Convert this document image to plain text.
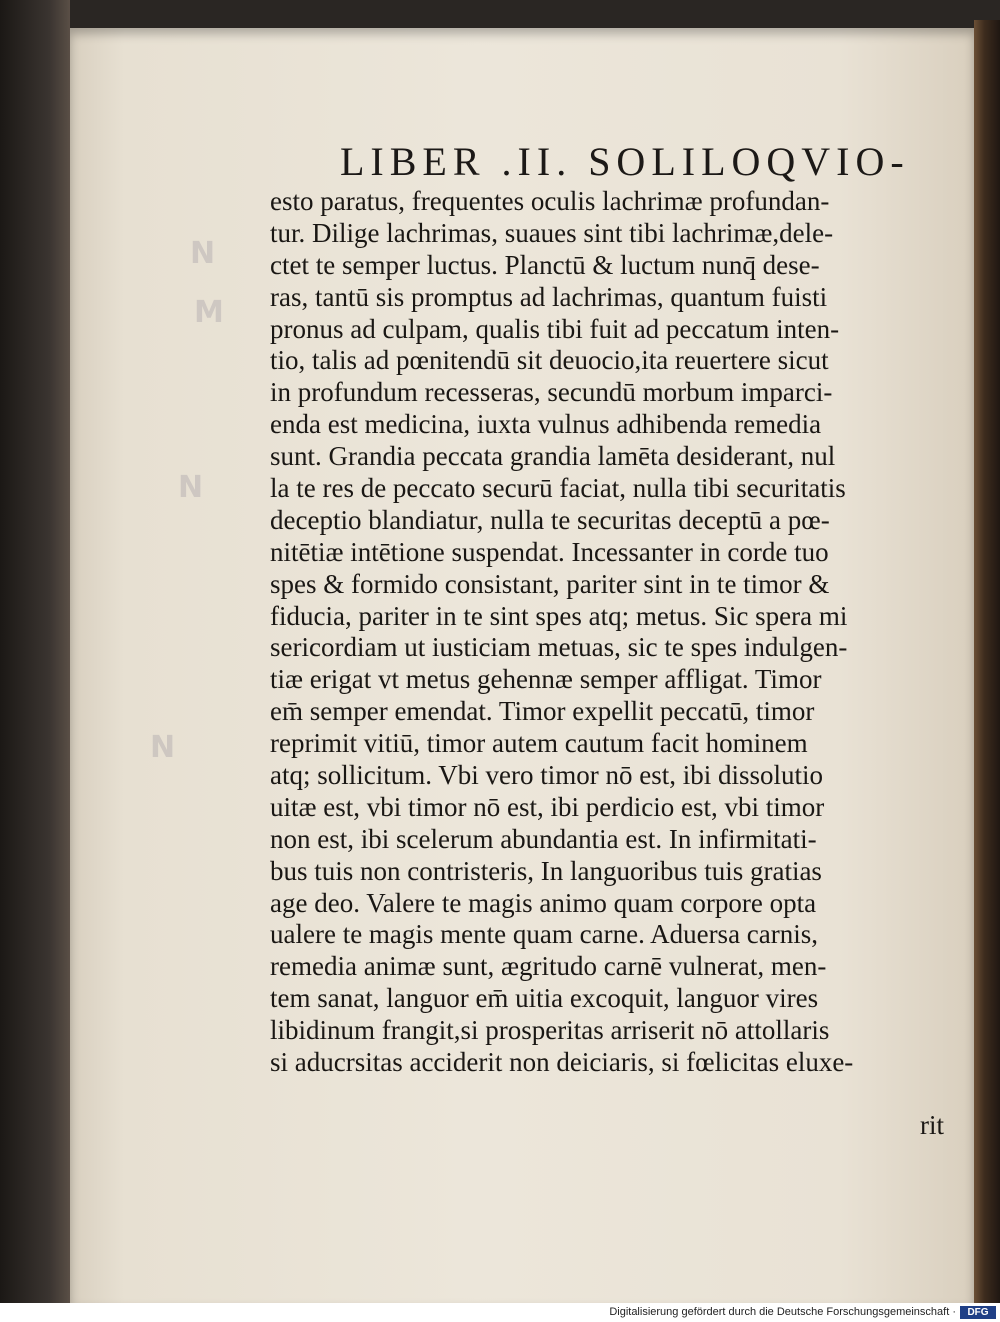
N
M
N
N
LIBER .II. SOLILOQVIO-
esto paratus, frequentes oculis lachrimæ profundan-
tur. Dilige lachrimas, suaues sint tibi lachrimæ,dele-
ctet te semper luctus. Planctū & luctum nunq̄ dese-
ras, tantū sis promptus ad lachrimas, quantum fuisti
pronus ad culpam, qualis tibi fuit ad peccatum inten-
tio, talis ad pœnitendū sit deuocio,ita reuertere sicut
in profundum recesseras, secundū morbum imparci-
enda est medicina, iuxta vulnus adhibenda remedia
sunt. Grandia peccata grandia lamēta desiderant, nul
la te res de peccato securū faciat, nulla tibi securitatis
deceptio blandiatur, nulla te securitas deceptū a pœ-
nitētiæ intētione suspendat. Incessanter in corde tuo
spes & formido consistant, pariter sint in te timor &
fiducia, pariter in te sint spes atq; metus. Sic spera mi
sericordiam ut iusticiam metuas, sic te spes indulgen-
tiæ erigat vt metus gehennæ semper affligat. Timor
em̄ semper emendat. Timor expellit peccatū, timor
reprimit vitiū, timor autem cautum facit hominem
atq; sollicitum. Vbi vero timor nō est, ibi dissolutio
uitæ est, vbi timor nō est, ibi perdicio est, vbi timor
non est, ibi scelerum abundantia est. In infirmitati-
bus tuis non contristeris, In languoribus tuis gratias
age deo. Valere te magis animo quam corpore opta
ualere te magis mente quam carne. Aduersa carnis,
remedia animæ sunt, ægritudo carnē vulnerat, men-
tem sanat, languor em̄ uitia excoquit, languor vires
libidinum frangit,si prosperitas arriserit nō attollaris
si aducrsitas acciderit non deiciaris, si fœlicitas eluxe-
rit
Digitalisierung gefördert durch die Deutsche Forschungsgemeinschaft ·	DFG
